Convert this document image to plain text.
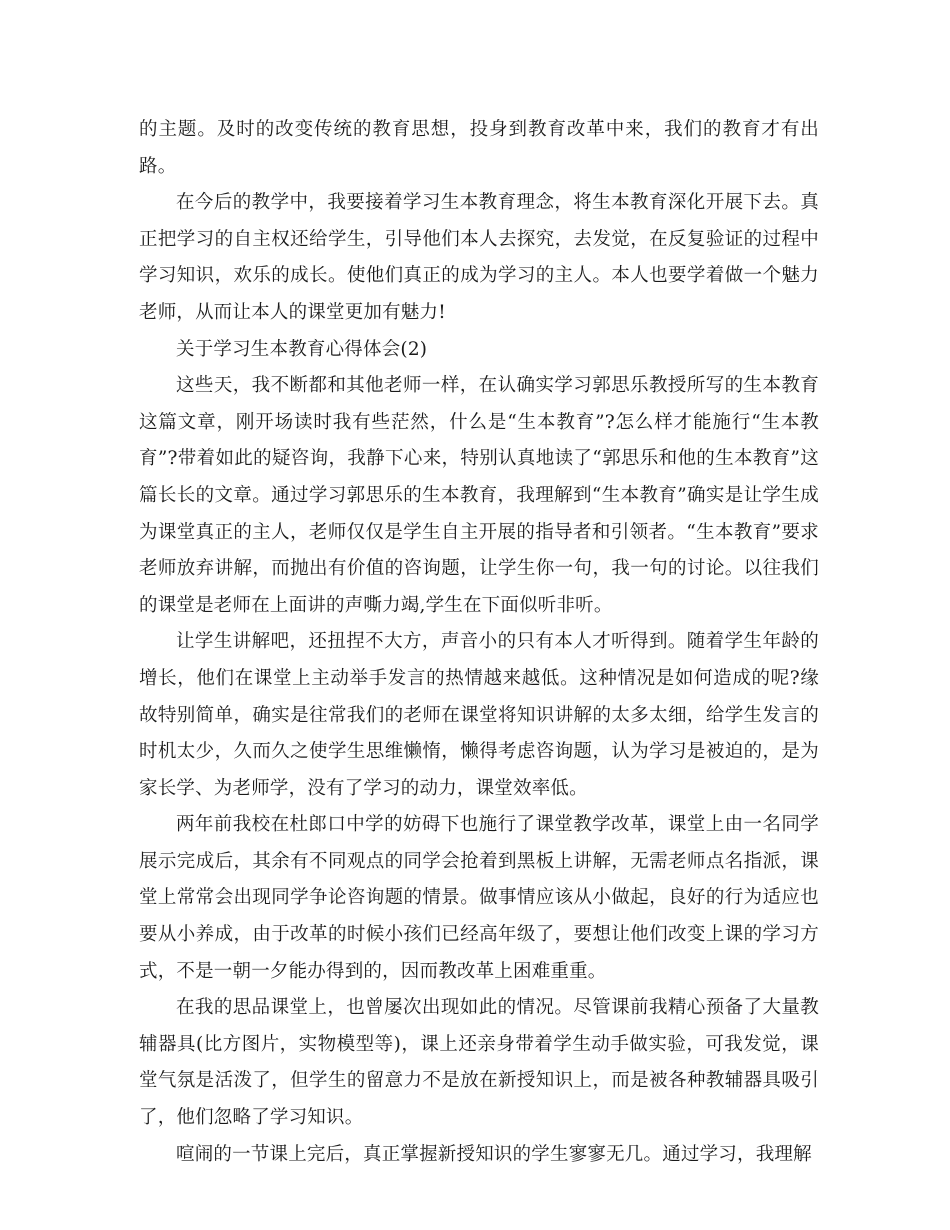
的主题。及时的改变传统的教育思想，投身到教育改革中来，我们的教育才有出路。

在今后的教学中，我要接着学习生本教育理念，将生本教育深化开展下去。真正把学习的自主权还给学生，引导他们本人去探究，去发觉，在反复验证的过程中学习知识，欢乐的成长。使他们真正的成为学习的主人。本人也要学着做一个魅力老师，从而让本人的课堂更加有魅力!

关于学习生本教育心得体会(2)

这些天，我不断都和其他老师一样，在认确实学习郭思乐教授所写的生本教育这篇文章，刚开场读时我有些茫然，什么是“生本教育”?怎么样才能施行“生本教育”?带着如此的疑咨询，我静下心来，特别认真地读了“郭思乐和他的生本教育”这篇长长的文章。通过学习郭思乐的生本教育，我理解到“生本教育”确实是让学生成为课堂真正的主人，老师仅仅是学生自主开展的指导者和引领者。“生本教育”要求老师放弃讲解，而抛出有价值的咨询题，让学生你一句，我一句的讨论。以往我们的课堂是老师在上面讲的声嘶力竭,学生在下面似听非听。

让学生讲解吧，还扭捏不大方，声音小的只有本人才听得到。随着学生年龄的增长，他们在课堂上主动举手发言的热情越来越低。这种情况是如何造成的呢?缘故特别简单，确实是往常我们的老师在课堂将知识讲解的太多太细，给学生发言的时机太少，久而久之使学生思维懒惰，懒得考虑咨询题，认为学习是被迫的，是为家长学、为老师学，没有了学习的动力，课堂效率低。

两年前我校在杜郎口中学的妨碍下也施行了课堂教学改革，课堂上由一名同学展示完成后，其余有不同观点的同学会抢着到黑板上讲解，无需老师点名指派，课堂上常常会出现同学争论咨询题的情景。做事情应该从小做起，良好的行为适应也要从小养成，由于改革的时候小孩们已经高年级了，要想让他们改变上课的学习方式，不是一朝一夕能办得到的，因而教改革上困难重重。

在我的思品课堂上，也曾屡次出现如此的情况。尽管课前我精心预备了大量教辅器具(比方图片，实物模型等)，课上还亲身带着学生动手做实验，可我发觉，课堂气氛是活泼了，但学生的留意力不是放在新授知识上，而是被各种教辅器具吸引了，他们忽略了学习知识。

喧闹的一节课上完后，真正掌握新授知识的学生寥寥无几。通过学习，我理解
